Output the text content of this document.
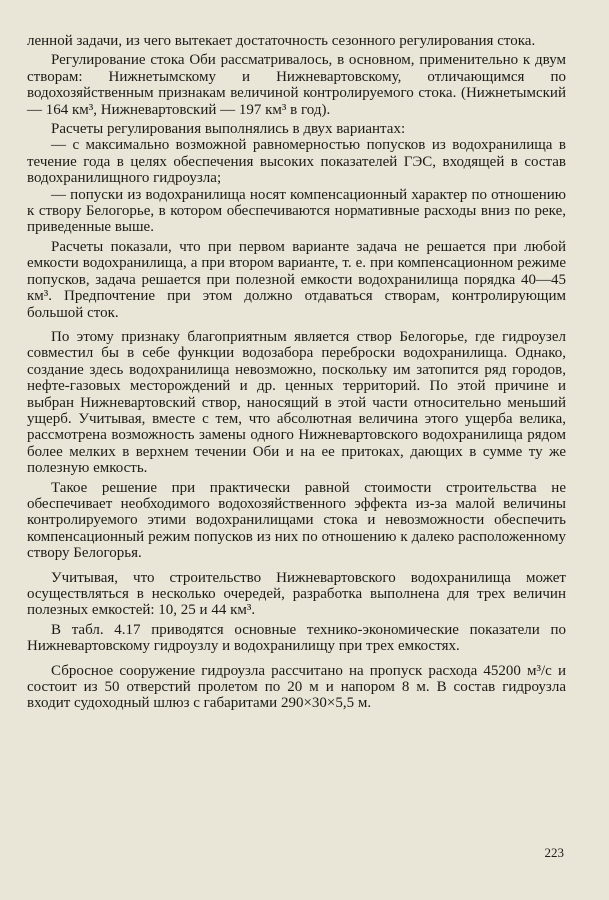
ленной задачи, из чего вытекает достаточность сезонного регулирования стока.

Регулирование стока Оби рассматривалось, в основном, применительно к двум створам: Нижнетымскому и Нижневартовскому, отличающимся по водохозяйственным признакам величиной контролируемого стока. (Нижнетымский — 164 км³, Нижневартовский — 197 км³ в год).

Расчеты регулирования выполнялись в двух вариантах:

— с максимально возможной равномерностью попусков из водохранилища в течение года в целях обеспечения высоких показателей ГЭС, входящей в состав водохранилищного гидроузла;

— попуски из водохранилища носят компенсационный характер по отношению к створу Белогорье, в котором обеспечиваются нормативные расходы вниз по реке, приведенные выше.

Расчеты показали, что при первом варианте задача не решается при любой емкости водохранилища, а при втором варианте, т. е. при компенсационном режиме попусков, задача решается при полезной емкости водохранилища порядка 40—45 км³. Предпочтение при этом должно отдаваться створам, контролирующим большой сток.

По этому признаку благоприятным является створ Белогорье, где гидроузел совместил бы в себе функции водозабора переброски водохранилища. Однако, создание здесь водохранилища невозможно, поскольку им затопится ряд городов, нефте-газовых месторождений и др. ценных территорий. По этой причине и выбран Нижневартовский створ, наносящий в этой части относительно меньший ущерб. Учитывая, вместе с тем, что абсолютная величина этого ущерба велика, рассмотрена возможность замены одного Нижневартовского водохранилища рядом более мелких в верхнем течении Оби и на ее притоках, дающих в сумме ту же полезную емкость.

Такое решение при практически равной стоимости строительства не обеспечивает необходимого водохозяйственного эффекта из-за малой величины контролируемого этими водохранилищами стока и невозможности обеспечить компенсационный режим попусков из них по отношению к далеко расположенному створу Белогорья.

Учитывая, что строительство Нижневартовского водохранилища может осуществляться в несколько очередей, разработка выполнена для трех величин полезных емкостей: 10, 25 и 44 км³.

В табл. 4.17 приводятся основные технико-экономические показатели по Нижневартовскому гидроузлу и водохранилищу при трех емкостях.

Сбросное сооружение гидроузла рассчитано на пропуск расхода 45200 м³/с и состоит из 50 отверстий пролетом по 20 м и напором 8 м. В состав гидроузла входит судоходный шлюз с габаритами 290×30×5,5 м.

223
